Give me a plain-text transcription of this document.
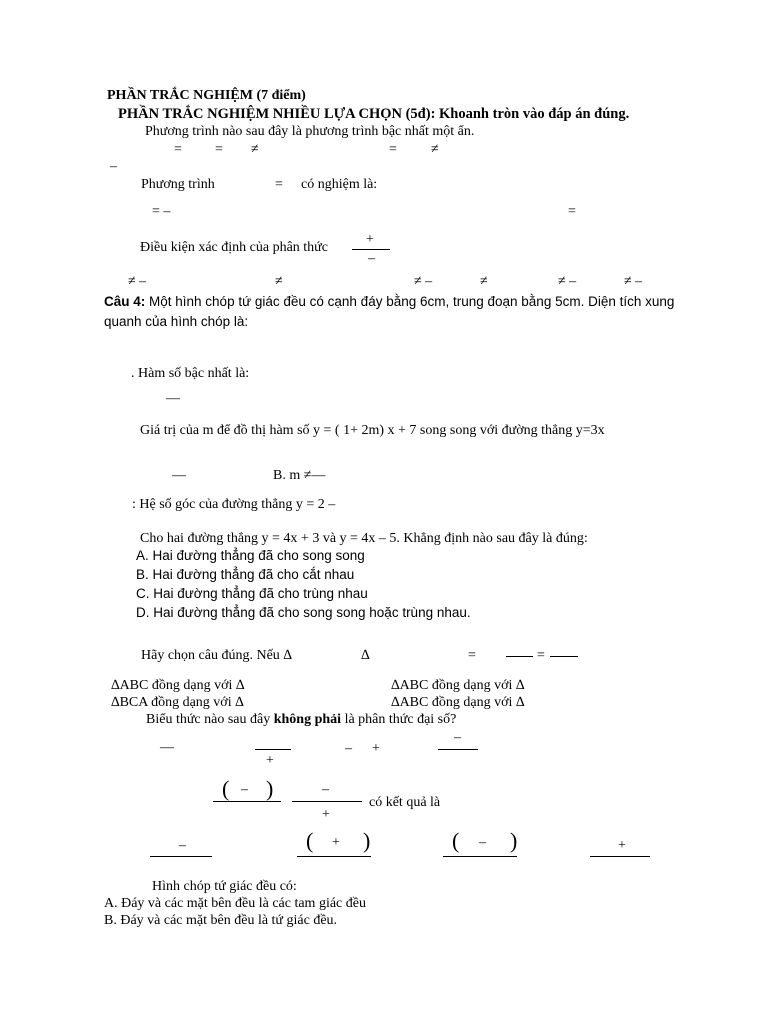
PHẦN TRẮC NGHIỆM (7 điểm)
PHẦN TRẮC NGHIỆM NHIỀU LỰA CHỌN (5đ): Khoanh tròn vào đáp án đúng.
Phương trình nào sau đây là phương trình bậc nhất một ẩn.
= = ≠	= ≠
–
Phương trình	= có nghiệm là:
= –	=
Điều kiện xác định của phân thức
+
–
≠ –	≠	≠ –	≠	≠ –	≠ –
Câu 4: Một hình chóp tứ giác đều có cạnh đáy bằng 6cm, trung đoạn bằng 5cm. Diện tích xung
quanh của hình chóp là:
. Hàm số bậc nhất là:
—
Giá trị của m để đồ thị hàm số y = ( 1+ 2m) x + 7 song song với đường thẳng y=3x
—	B. m ≠—
: Hệ số góc của đường thẳng y = 2 –
Cho hai đường thẳng y = 4x + 3 và y = 4x – 5. Khẳng định nào sau đây là đúng:
A. Hai đường thẳng đã cho song song
B. Hai đường thẳng đã cho cắt nhau
C. Hai đường thẳng đã cho trùng nhau
D. Hai đường thẳng đã cho song song hoặc trùng nhau.
Hãy chọn câu đúng. Nếu ∆	∆	=	=
∆ABC đồng dạng với ∆	∆ABC đồng dạng với ∆
∆BCA đồng dạng với ∆	∆ABC đồng dạng với ∆
Biểu thức nào sau đây không phải là phân thức đại số?
—
+
– +
–
( – )	–
+
có kết quả là
–	( + )	( – )	+
Hình chóp tứ giác đều có:
A. Đáy và các mặt bên đều là các tam giác đều
B. Đáy và các mặt bên đều là tứ giác đều.
